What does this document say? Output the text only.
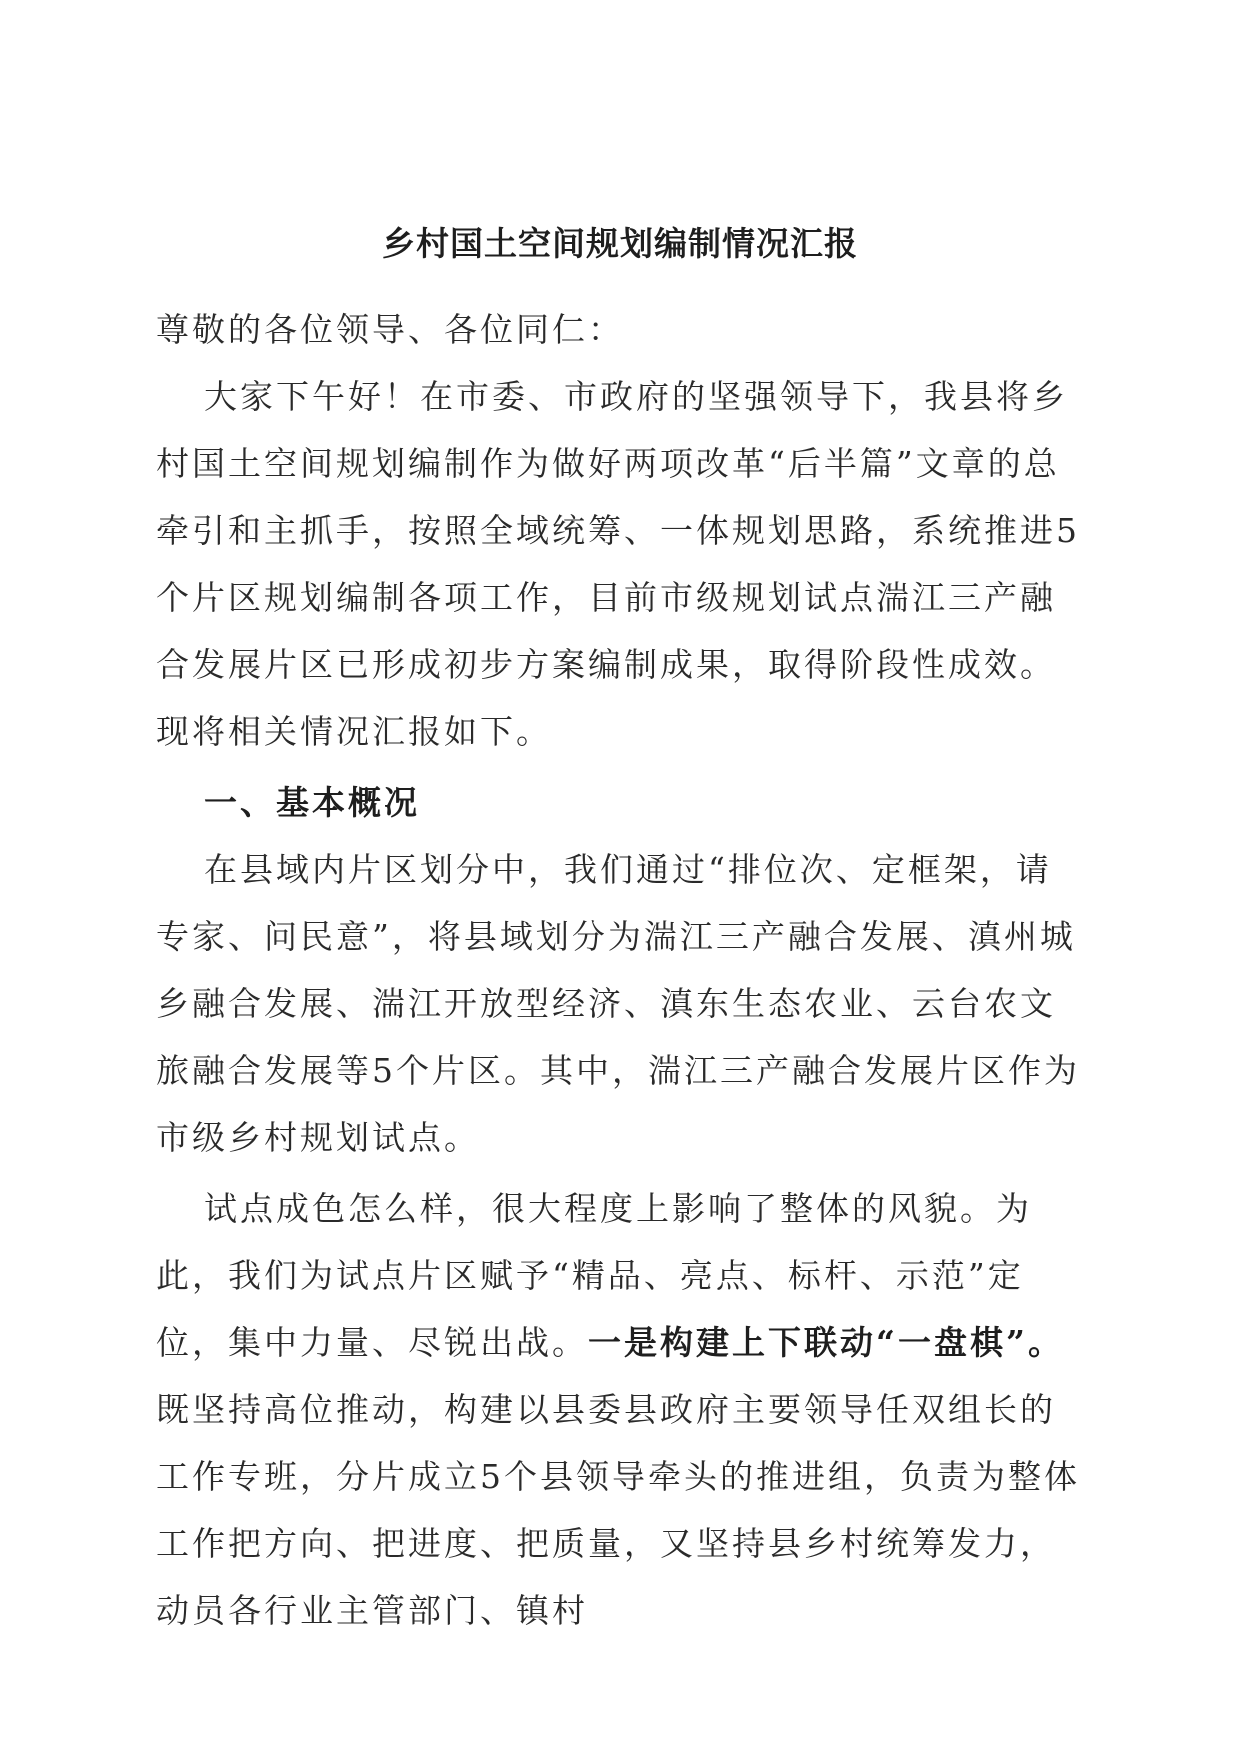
乡村国土空间规划编制情况汇报

尊敬的各位领导、各位同仁：

大家下午好！在市委、市政府的坚强领导下，我县将乡村国土空间规划编制作为做好两项改革“后半篇”文章的总牵引和主抓手，按照全域统筹、一体规划思路，系统推进5个片区规划编制各项工作，目前市级规划试点湍江三产融合发展片区已形成初步方案编制成果，取得阶段性成效。现将相关情况汇报如下。

一、基本概况

在县域内片区划分中，我们通过“排位次、定框架，请专家、问民意”，将县域划分为湍江三产融合发展、滇州城乡融合发展、湍江开放型经济、滇东生态农业、云台农文旅融合发展等5个片区。其中，湍江三产融合发展片区作为市级乡村规划试点。

试点成色怎么样，很大程度上影响了整体的风貌。为此，我们为试点片区赋予“精品、亮点、标杆、示范”定位，集中力量、尽锐出战。一是构建上下联动“一盘棋”。既坚持高位推动，构建以县委县政府主要领导任双组长的工作专班，分片成立5个县领导牵头的推进组，负责为整体工作把方向、把进度、把质量，又坚持县乡村统筹发力，动员各行业主管部门、镇村
